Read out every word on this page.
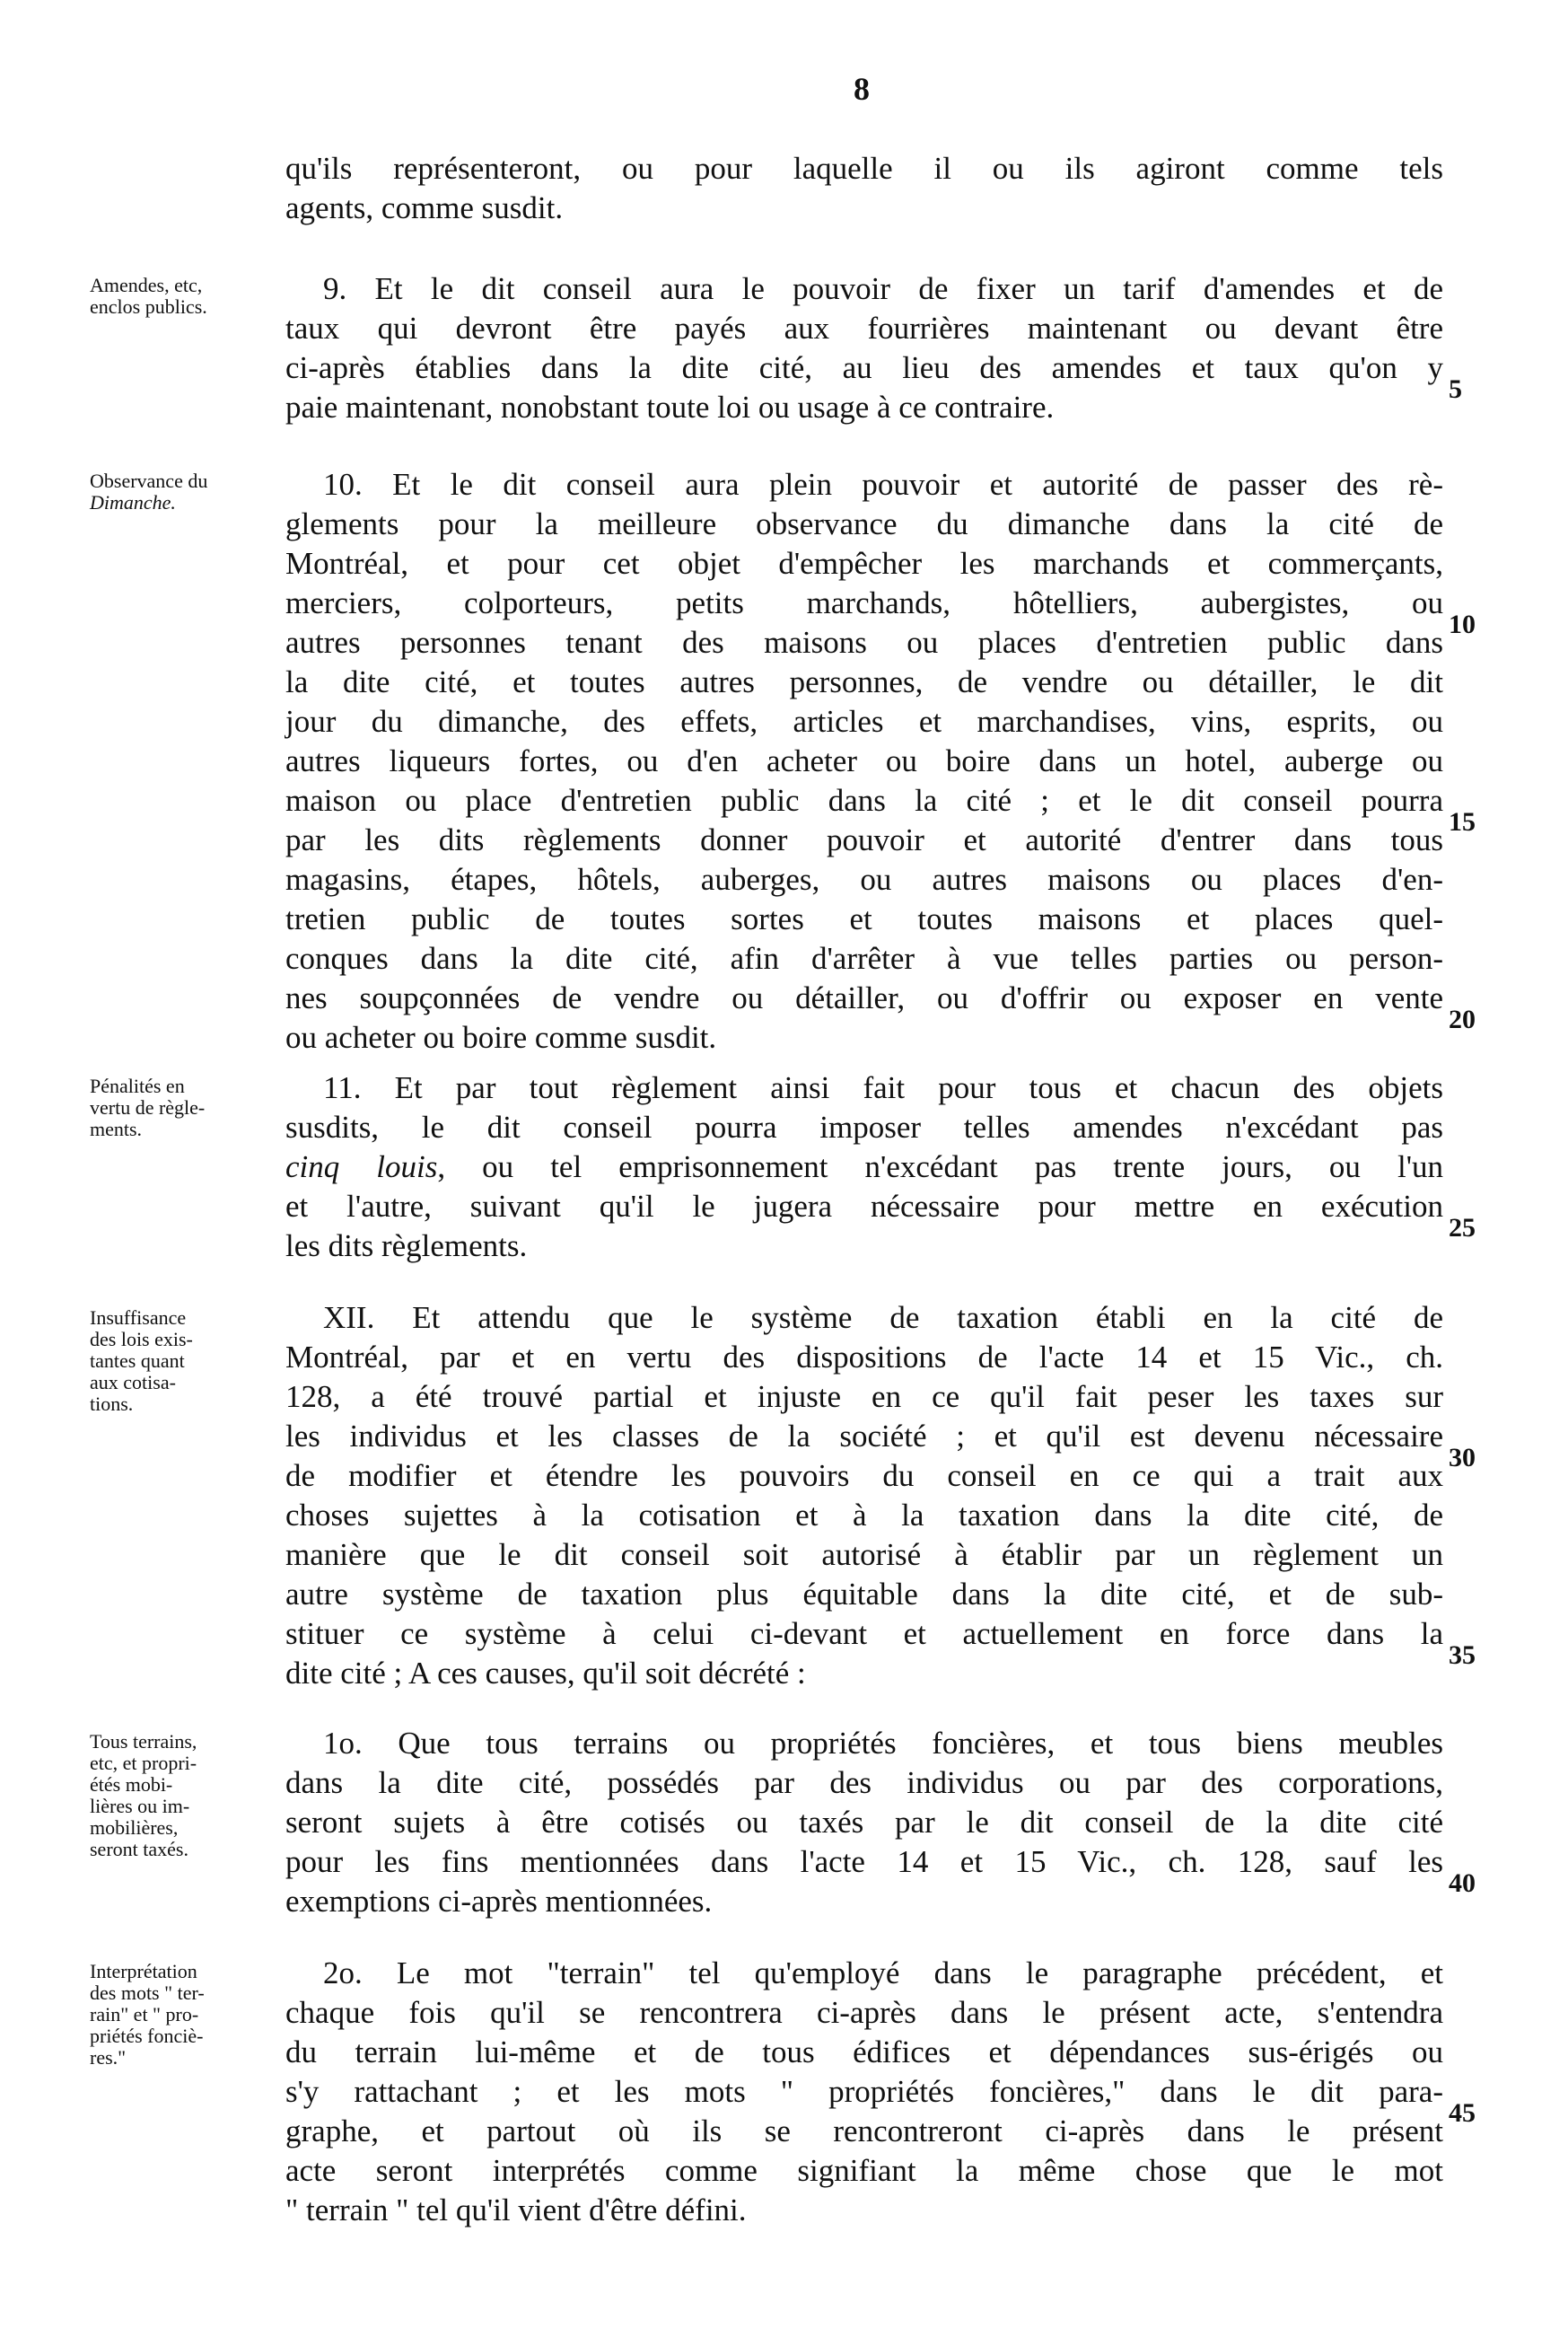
8
qu'ils représenteront, ou pour laquelle il ou ils agiront comme tels
agents, comme susdit.
Amendes, etc,
enclos publics.
9. Et le dit conseil aura le pouvoir de fixer un tarif d'amendes et de
taux qui devront être payés aux fourrières maintenant ou devant être
ci-après établies dans la dite cité, au lieu des amendes et taux qu'on y
paie maintenant, nonobstant toute loi ou usage à ce contraire.
5
Observance du
Dimanche.
10. Et le dit conseil aura plein pouvoir et autorité de passer des rè-
glements pour la meilleure observance du dimanche dans la cité de
Montréal, et pour cet objet d'empêcher les marchands et commerçants,
merciers, colporteurs, petits marchands, hôtelliers, aubergistes, ou
autres personnes tenant des maisons ou places d'entretien public dans
la dite cité, et toutes autres personnes, de vendre ou détailler, le dit
jour du dimanche, des effets, articles et marchandises, vins, esprits, ou
autres liqueurs fortes, ou d'en acheter ou boire dans un hotel, auberge ou
maison ou place d'entretien public dans la cité ; et le dit conseil pourra
par les dits règlements donner pouvoir et autorité d'entrer dans tous
magasins, étapes, hôtels, auberges, ou autres maisons ou places d'en-
tretien public de toutes sortes et toutes maisons et places quel-
conques dans la dite cité, afin d'arrêter à vue telles parties ou person-
nes soupçonnées de vendre ou détailler, ou d'offrir ou exposer en vente
ou acheter ou boire comme susdit.
10
15
20
Pénalités en
vertu de règle-
ments.
11. Et par tout règlement ainsi fait pour tous et chacun des objets
susdits, le dit conseil pourra imposer telles amendes n'excédant pas
cinq louis, ou tel emprisonnement n'excédant pas trente jours, ou l'un
et l'autre, suivant qu'il le jugera nécessaire pour mettre en exécution
les dits règlements.
25
Insuffisance
des lois exis-
tantes quant
aux cotisa-
tions.
XII. Et attendu que le système de taxation établi en la cité de
Montréal, par et en vertu des dispositions de l'acte 14 et 15 Vic., ch.
128, a été trouvé partial et injuste en ce qu'il fait peser les taxes sur
les individus et les classes de la société ; et qu'il est devenu nécessaire
de modifier et étendre les pouvoirs du conseil en ce qui a trait aux
choses sujettes à la cotisation et à la taxation dans la dite cité, de
manière que le dit conseil soit autorisé à établir par un règlement un
autre système de taxation plus équitable dans la dite cité, et de sub-
stituer ce système à celui ci-devant et actuellement en force dans la
dite cité ; A ces causes, qu'il soit décrété :
30
35
Tous terrains,
etc, et propri-
étés mobi-
lières ou im-
mobilières,
seront taxés.
1o. Que tous terrains ou propriétés foncières, et tous biens meubles
dans la dite cité, possédés par des individus ou par des corporations,
seront sujets à être cotisés ou taxés par le dit conseil de la dite cité
pour les fins mentionnées dans l'acte 14 et 15 Vic., ch. 128, sauf les
exemptions ci-après mentionnées.
40
Interprétation
des mots " ter-
rain" et " pro-
priétés fonciè-
res."
2o. Le mot "terrain" tel qu'employé dans le paragraphe précédent, et
chaque fois qu'il se rencontrera ci-après dans le présent acte, s'entendra
du terrain lui-même et de tous édifices et dépendances sus-érigés ou
s'y rattachant ; et les mots " propriétés foncières," dans le dit para-
graphe, et partout où ils se rencontreront ci-après dans le présent
acte seront interprétés comme signifiant la même chose que le mot
" terrain " tel qu'il vient d'être défini.
45
